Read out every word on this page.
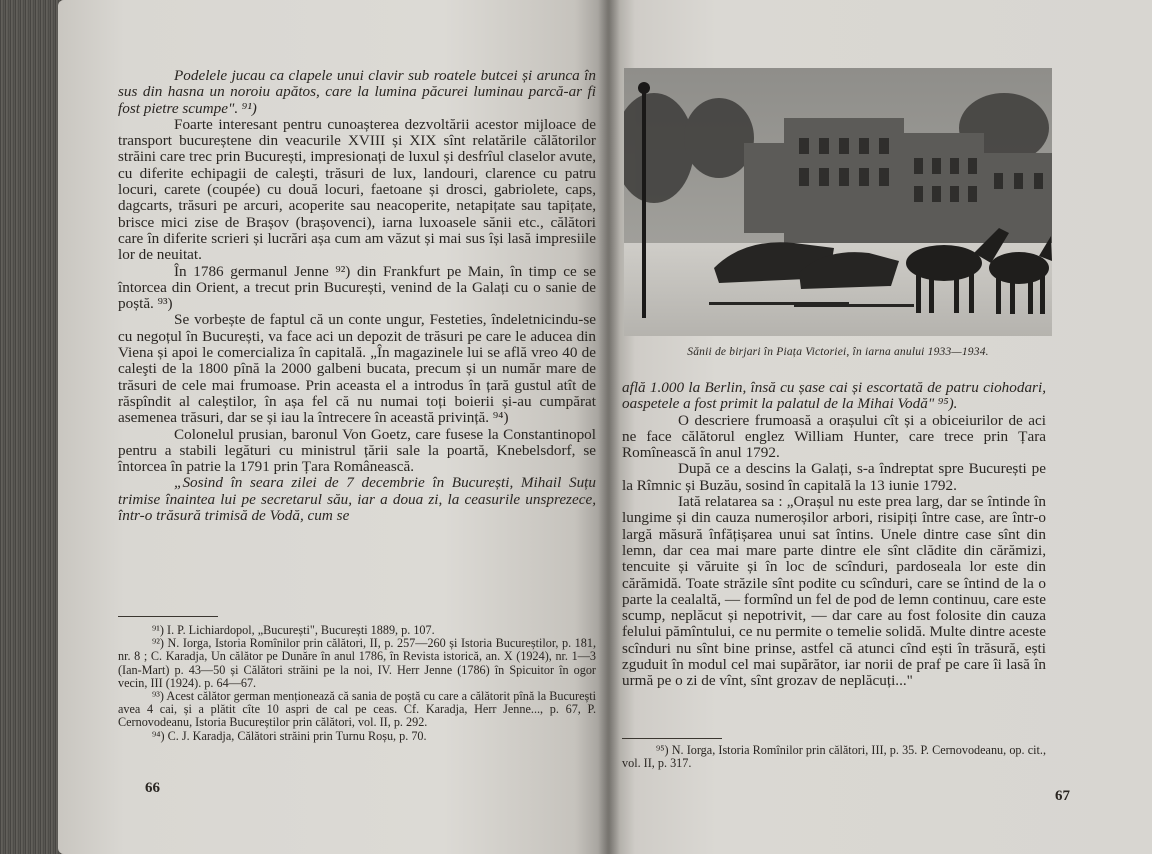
Podelele jucau ca clapele unui clavir sub roatele butcei și arunca în sus din hasna un noroiu apătos, care la lumina păcurei luminau parcă-ar fi fost pietre scumpe". ⁹¹)

Foarte interesant pentru cunoașterea dezvoltării acestor mijloace de transport bucureștene din veacurile XVIII și XIX sînt relatările călătorilor străini care trec prin București, impresionați de luxul și desfrîul claselor avute, cu diferite echipagii de caleşti, trăsuri de lux, landouri, clarence cu patru locuri, carete (coupée) cu două locuri, faetoane și drosci, gabriolete, caps, dagcarts, trăsuri pe arcuri, acoperite sau neacoperite, netapițate sau tapițate, brisce mici zise de Brașov (brașovenci), iarna luxoasele sănii etc., călători care în diferite scrieri și lucrări așa cum am văzut și mai sus își lasă impresiile lor de neuitat.

În 1786 germanul Jenne ⁹²) din Frankfurt pe Main, în timp ce se întorcea din Orient, a trecut prin București, venind de la Galați cu o sanie de poștă. ⁹³)

Se vorbește de faptul că un conte ungur, Festeties, îndeletnicindu-se cu negoțul în București, va face aci un depozit de trăsuri pe care le aducea din Viena și apoi le comercializa în capitală. „În magazinele lui se află vreo 40 de caleşti de la 1800 pînă la 2000 galbeni bucata, precum și un număr mare de trăsuri de cele mai frumoase. Prin aceasta el a introdus în țară gustul atît de răspîndit al caleștilor, în așa fel că nu numai toți boierii și-au cumpărat asemenea trăsuri, dar se și iau la întrecere în această privință. ⁹⁴)

Colonelul prusian, baronul Von Goetz, care fusese la Constantinopol pentru a stabili legături cu ministrul țării sale la poartă, Knebelsdorf, se întorcea în patrie la 1791 prin Țara Românească.

„Sosind în seara zilei de 7 decembrie în București, Mihail Suțu trimise înaintea lui pe secretarul său, iar a doua zi, la ceasurile unsprezece, într-o trăsură trimisă de Vodă, cum se

⁹¹) I. P. Lichiardopol, „București", București 1889, p. 107.

⁹²) N. Iorga, Istoria Romînilor prin călători, II, p. 257—260 și Istoria Bucureștilor, p. 181, nr. 8 ; C. Karadja, Un călător pe Dunăre în anul 1786, în Revista istorică, an. X (1924), nr. 1—3 (Ian-Mart) p. 43—50 și Călători străini pe la noi, IV. Herr Jenne (1786) în Spicuitor în ogor vecin, III (1924). p. 64—67.

⁹³) Acest călător german menționează că sania de poștă cu care a călătorit pînă la București avea 4 cai, și a plătit cîte 10 aspri de cal pe ceas. Cf. Karadja, Herr Jenne..., p. 67, P. Cernovodeanu, Istoria Bucureștilor prin călători, vol. II, p. 292.

⁹⁴) C. J. Karadja, Călători străini prin Turnu Roșu, p. 70.

66
Sănii de birjari în Piața Victoriei, în iarna anului 1933—1934.

află 1.000 la Berlin, însă cu șase cai și escortată de patru ciohodari, oaspetele a fost primit la palatul de la Mihai Vodă" ⁹⁵).

O descriere frumoasă a orașului cît și a obiceiurilor de aci ne face călătorul englez William Hunter, care trece prin Țara Romînească în anul 1792.

După ce a descins la Galați, s-a îndreptat spre București pe la Rîmnic și Buzău, sosind în capitală la 13 iunie 1792.

Iată relatarea sa : „Orașul nu este prea larg, dar se întinde în lungime și din cauza numeroșilor arbori, risipiți între case, are într-o largă măsură înfățișarea unui sat întins. Unele dintre case sînt din lemn, dar cea mai mare parte dintre ele sînt clădite din cărămizi, tencuite și văruite și în loc de scînduri, pardoseala lor este din cărămidă. Toate străzile sînt podite cu scînduri, care se întind de la o parte la cealaltă, — formînd un fel de pod de lemn continuu, care este scump, neplăcut și nepotrivit, — dar care au fost folosite din cauza felului pămîntului, ce nu permite o temelie solidă. Multe dintre aceste scînduri nu sînt bine prinse, astfel că atunci cînd ești în trăsură, ești zguduit în modul cel mai supărător, iar norii de praf pe care îi lasă în urmă pe o zi de vînt, sînt grozav de neplăcuți..."

⁹⁵) N. Iorga, Istoria Romînilor prin călători, III, p. 35. P. Cernovodeanu, op. cit., vol. II, p. 317.

67
